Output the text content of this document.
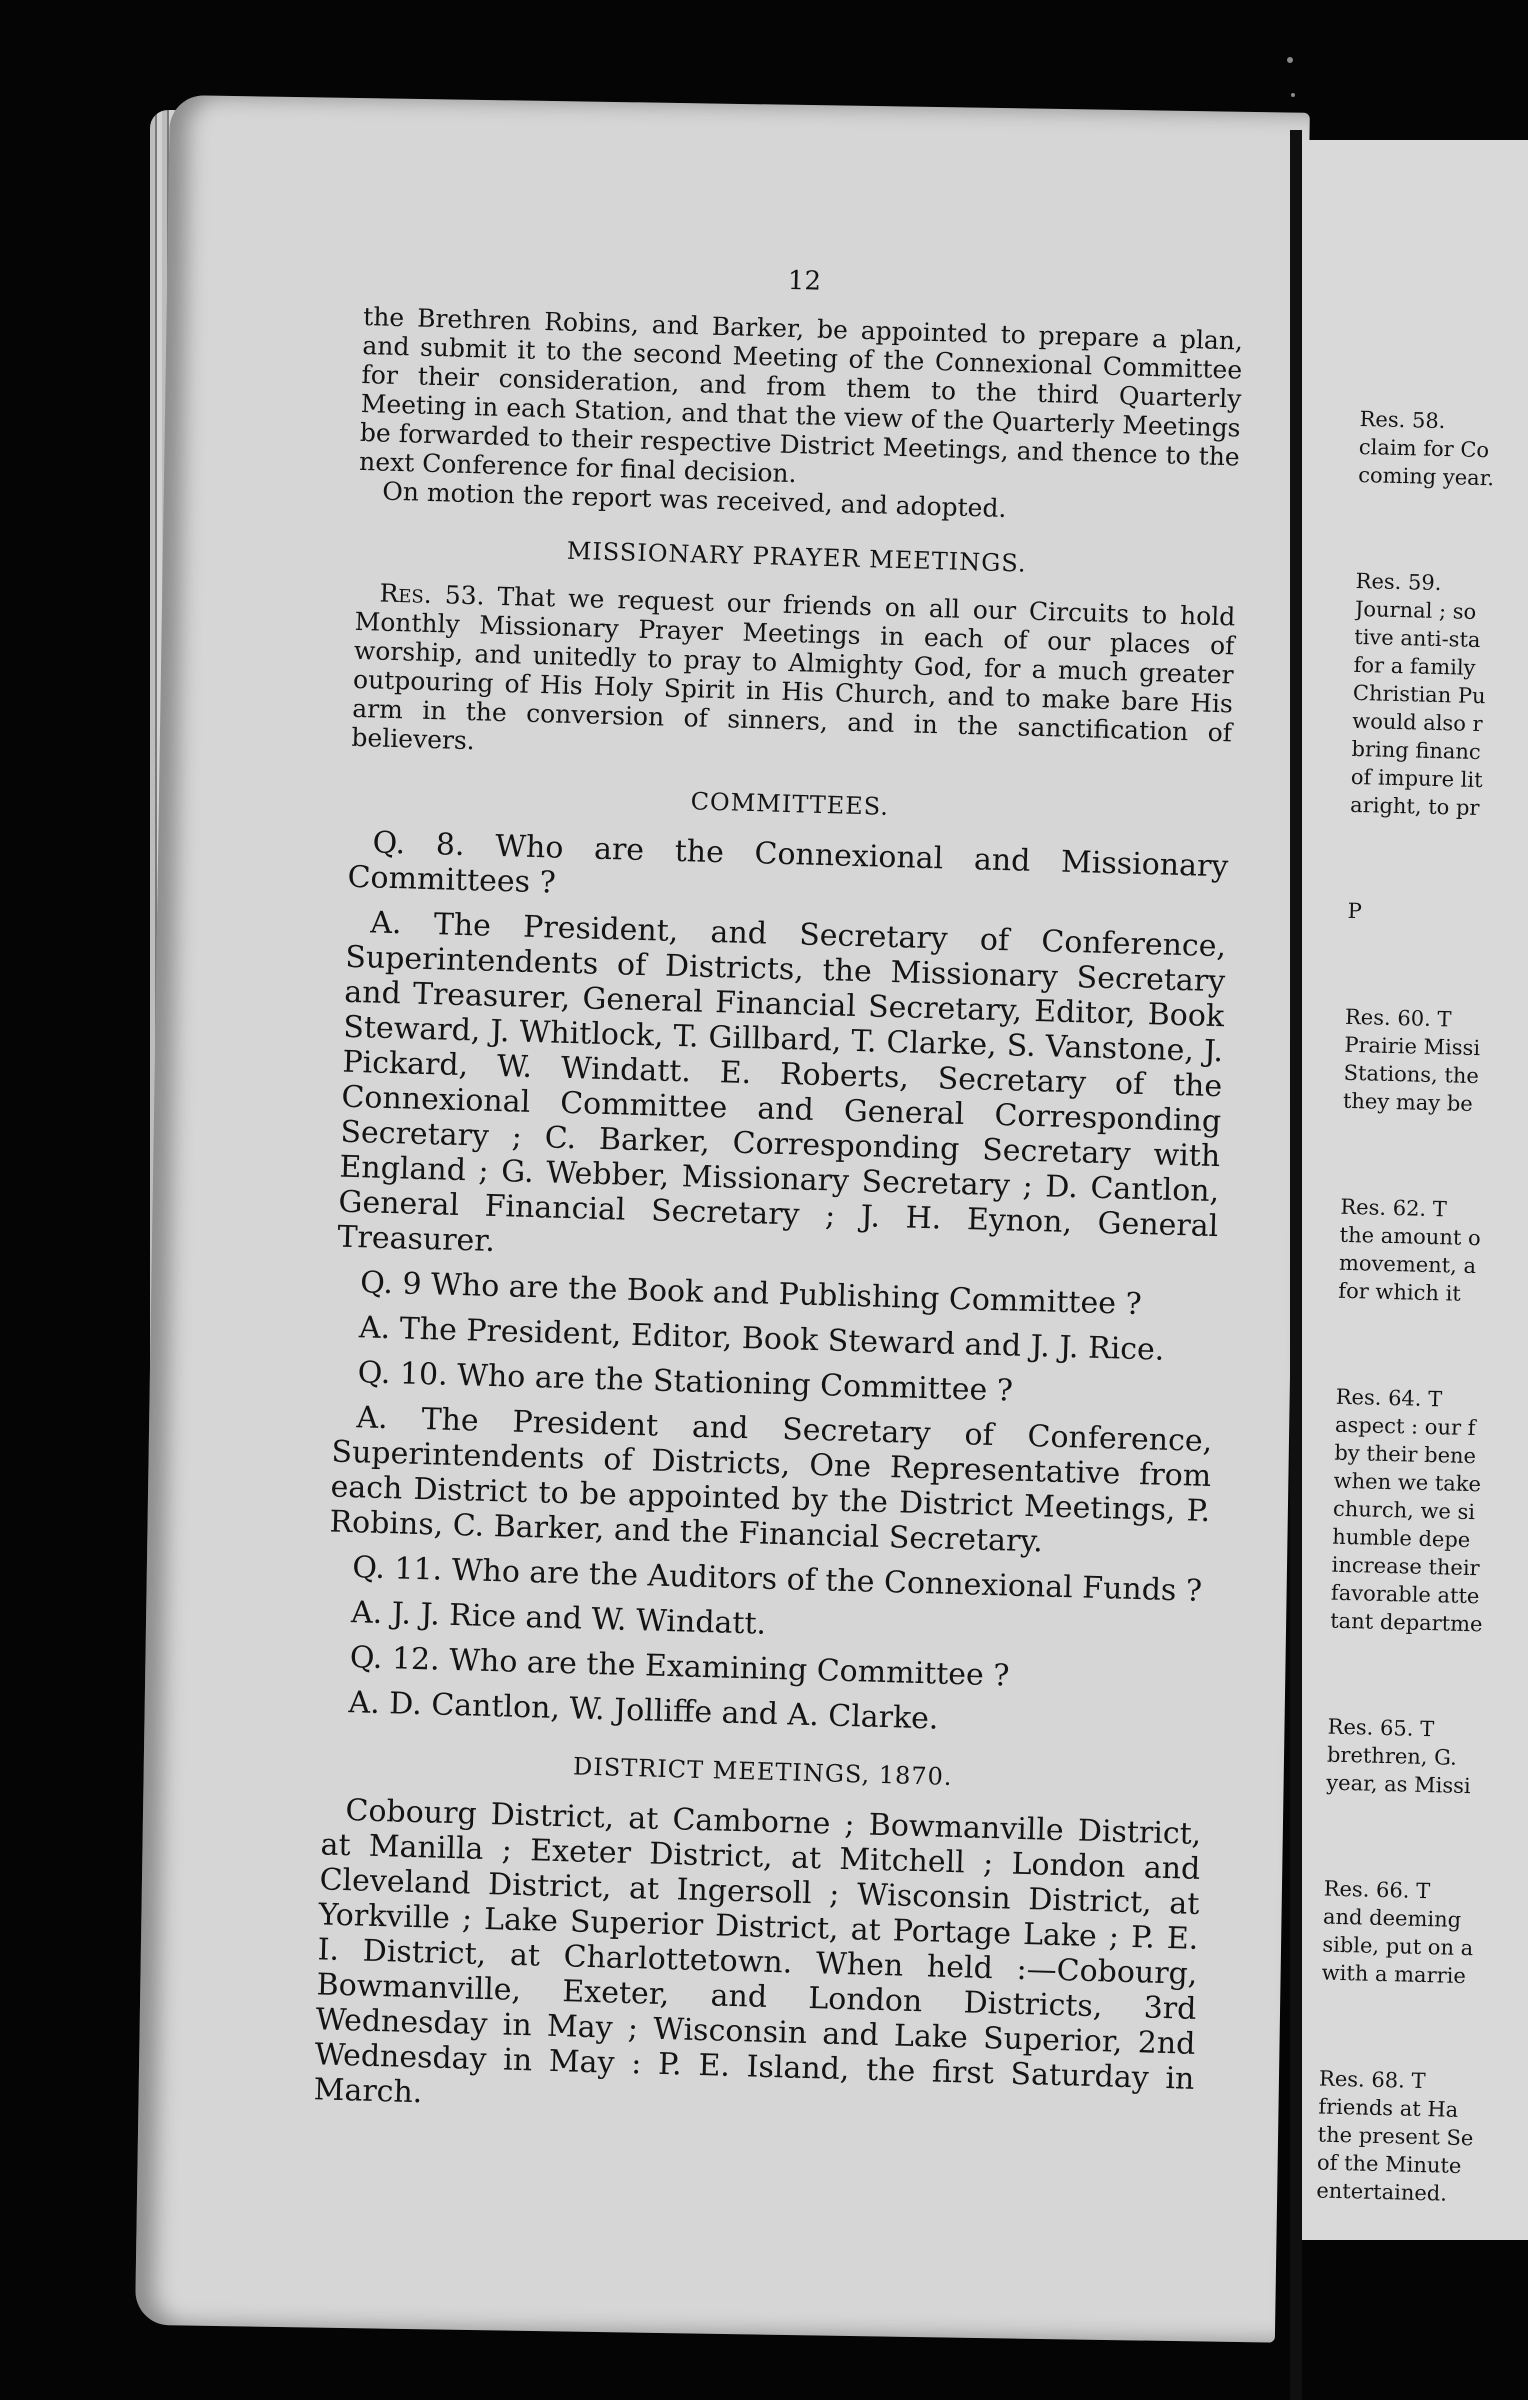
12

the Brethren Robins, and Barker, be appointed to prepare a plan, and submit it to the second Meeting of the Connexional Committee for their consideration, and from them to the third Quarterly Meeting in each Station, and that the view of the Quarterly Meetings be forwarded to their respective District Meetings, and thence to the next Conference for final decision.

On motion the report was received, and adopted.

MISSIONARY PRAYER MEETINGS.

Res. 53. That we request our friends on all our Circuits to hold Monthly Missionary Prayer Meetings in each of our places of worship, and unitedly to pray to Almighty God, for a much greater outpouring of His Holy Spirit in His Church, and to make bare His arm in the conversion of sinners, and in the sanctification of believers.

COMMITTEES.

Q. 8. Who are the Connexional and Missionary Committees ?

A. The President, and Secretary of Conference, Superintendents of Districts, the Missionary Secretary and Treasurer, General Financial Secretary, Editor, Book Steward, J. Whitlock, T. Gillbard, T. Clarke, S. Vanstone, J. Pickard, W. Windatt. E. Roberts, Secretary of the Connexional Committee and General Corresponding Secretary ; C. Barker, Corresponding Secretary with England ; G. Webber, Missionary Secretary ; D. Cantlon, General Financial Secretary ; J. H. Eynon, General Treasurer.

Q. 9 Who are the Book and Publishing Committee ?

A. The President, Editor, Book Steward and J. J. Rice.

Q. 10. Who are the Stationing Committee ?

A. The President and Secretary of Conference, Superintendents of Districts, One Representative from each District to be appointed by the District Meetings, P. Robins, C. Barker, and the Financial Secretary.

Q. 11. Who are the Auditors of the Connexional Funds ?

A. J. J. Rice and W. Windatt.

Q. 12. Who are the Examining Committee ?

A. D. Cantlon, W. Jolliffe and A. Clarke.

DISTRICT MEETINGS, 1870.

Cobourg District, at Camborne ; Bowmanville District, at Manilla ; Exeter District, at Mitchell ; London and Cleveland District, at Ingersoll ; Wisconsin District, at Yorkville ; Lake Superior District, at Portage Lake ; P. E. I. District, at Charlottetown. When held :—Cobourg, Bowmanville, Exeter, and London Districts, 3rd Wednesday in May ; Wisconsin and Lake Superior, 2nd Wednesday in May : P. E. Island, the first Saturday in March.

Res. 58.
claim for Co
coming year.
Res. 59.
Journal ; so
tive anti-sta
for a family
Christian Pu
would also r
bring financ
of impure lit
aright, to pr
P
Res. 60. T
Prairie Missi
Stations, the
they may be
Res. 62. T
the amount o
movement, a
for which it
Res. 64. T
aspect : our f
by their bene
when we take
church, we si
humble depe
increase their
favorable atte
tant departme
Res. 65. T
brethren, G.
year, as Missi
Res. 66. T
and deeming
sible, put on a
with a marrie
Res. 68. T
friends at Ha
the present Se
of the Minute
entertained.
